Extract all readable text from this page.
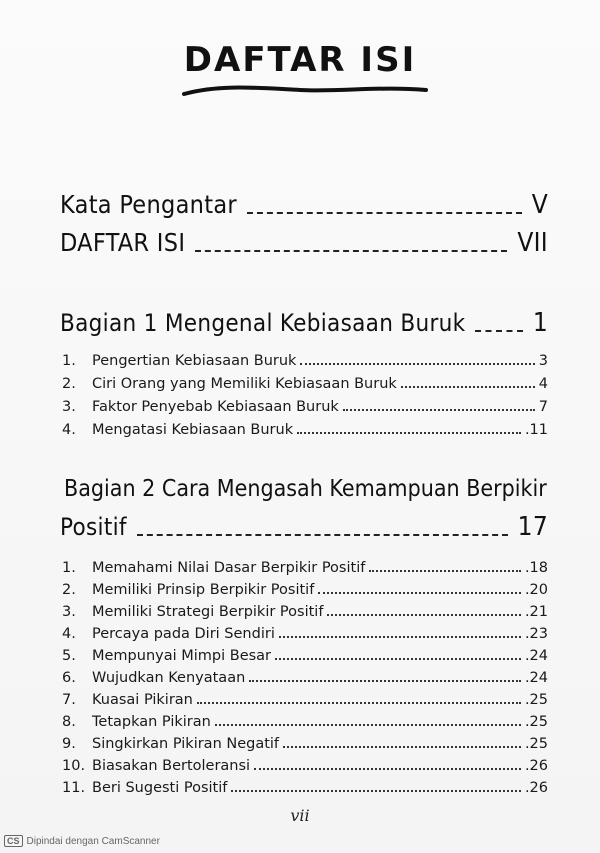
DAFTAR ISI
Kata Pengantar	V
DAFTAR ISI	VII
Bagian 1 Mengenal Kebiasaan Buruk	1
1.	Pengertian Kebiasaan Buruk	3
2.	Ciri Orang yang Memiliki Kebiasaan Buruk	4
3.	Faktor Penyebab Kebiasaan Buruk	7
4.	Mengatasi Kebiasaan Buruk	.11
Bagian 2 Cara Mengasah Kemampuan Berpikir
Positif	17
1.	Memahami Nilai Dasar Berpikir Positif	.18
2.	Memiliki Prinsip Berpikir Positif	.20
3.	Memiliki Strategi Berpikir Positif	.21
4.	Percaya pada Diri Sendiri	.23
5.	Mempunyai Mimpi Besar	.24
6.	Wujudkan Kenyataan	.24
7.	Kuasai Pikiran	.25
8.	Tetapkan Pikiran	.25
9.	Singkirkan Pikiran Negatif	.25
10. Biasakan Bertoleransi	.26
11. Beri Sugesti Positif	.26
vii
CS Dipindai dengan CamScanner
